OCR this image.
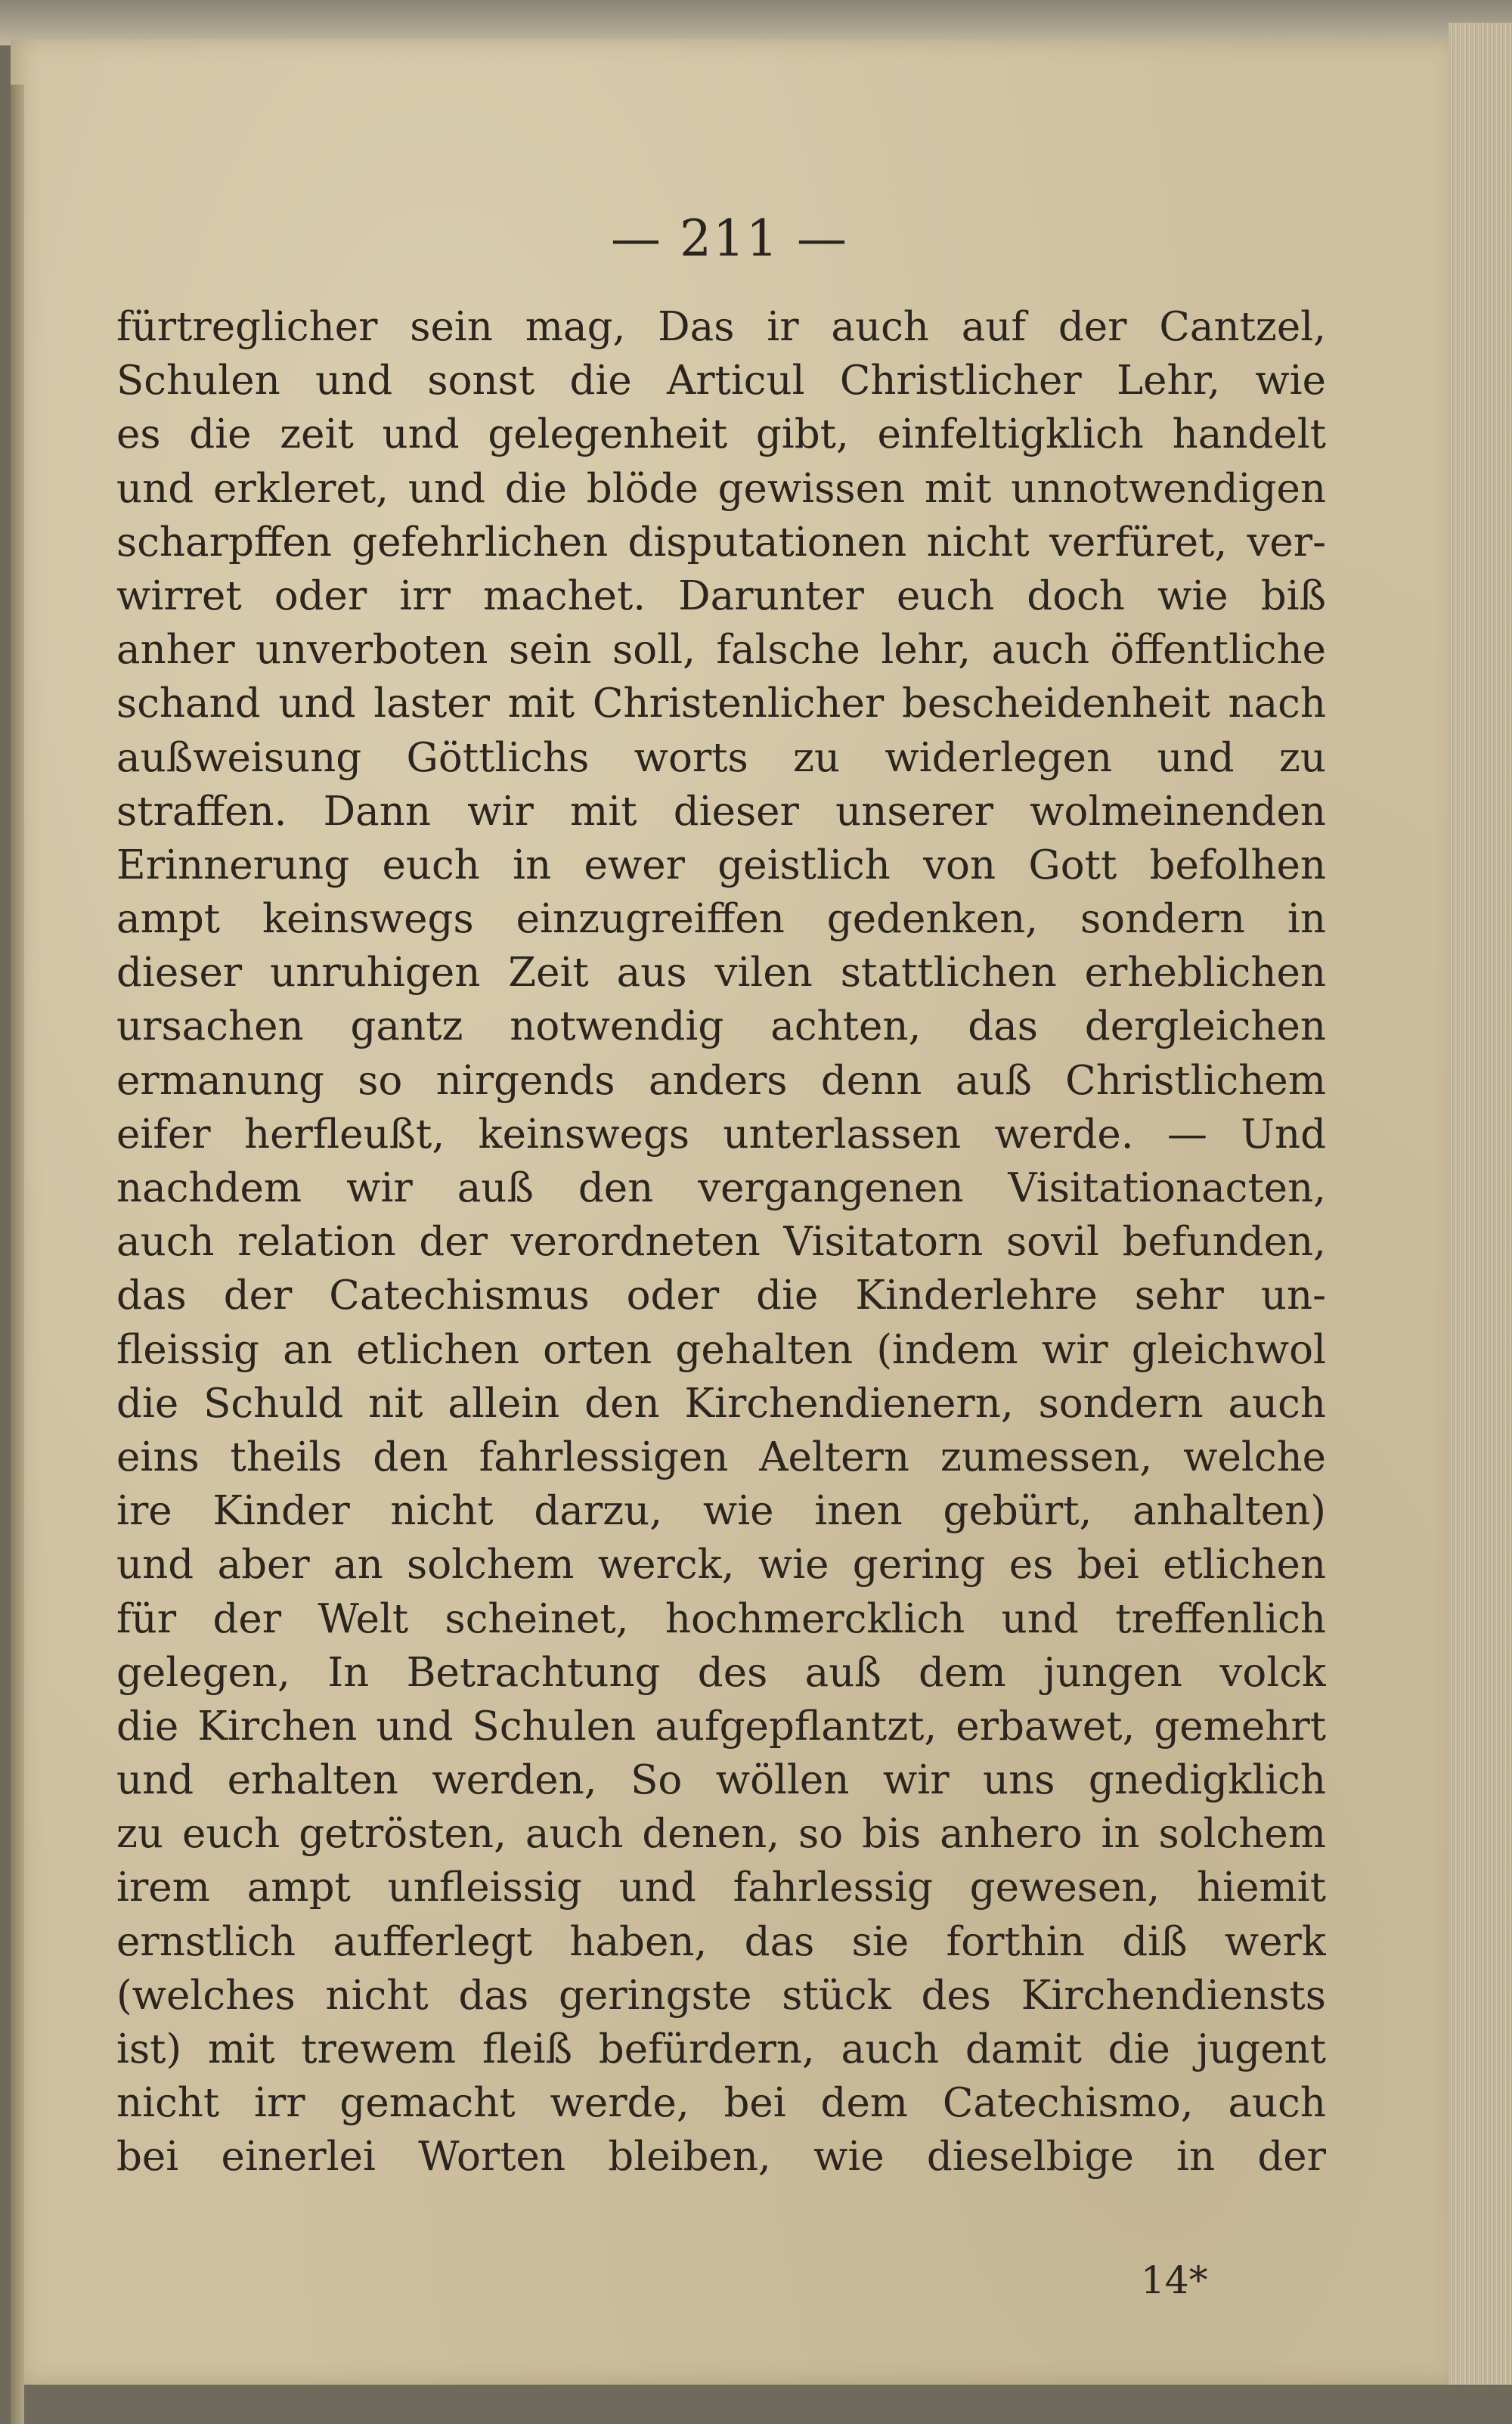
— 211 —
fürtreglicher sein mag, Das ir auch auf der Cantzel,
Schulen und sonst die Articul Christlicher Lehr, wie
es die zeit und gelegenheit gibt, einfeltigklich handelt
und erkleret, und die blöde gewissen mit unnotwendigen
scharpffen gefehrlichen disputationen nicht verfüret, ver-
wirret oder irr machet. Darunter euch doch wie biß
anher unverboten sein soll, falsche lehr, auch öffentliche
schand und laster mit Christenlicher bescheidenheit nach
außweisung Göttlichs worts zu widerlegen und zu
straffen. Dann wir mit dieser unserer wolmeinenden
Erinnerung euch in ewer geistlich von Gott befolhen
ampt keinswegs einzugreiffen gedenken, sondern in
dieser unruhigen Zeit aus vilen stattlichen erheblichen
ursachen gantz notwendig achten, das dergleichen
ermanung so nirgends anders denn auß Christlichem
eifer herfleußt, keinswegs unterlassen werde. — Und
nachdem wir auß den vergangenen Visitationacten,
auch relation der verordneten Visitatorn sovil befunden,
das der Catechismus oder die Kinderlehre sehr un-
fleissig an etlichen orten gehalten (indem wir gleichwol
die Schuld nit allein den Kirchendienern, sondern auch
eins theils den fahrlessigen Aeltern zumessen, welche
ire Kinder nicht darzu, wie inen gebürt, anhalten)
und aber an solchem werck, wie gering es bei etlichen
für der Welt scheinet, hochmercklich und treffenlich
gelegen, In Betrachtung des auß dem jungen volck
die Kirchen und Schulen aufgepflantzt, erbawet, gemehrt
und erhalten werden, So wöllen wir uns gnedigklich
zu euch getrösten, auch denen, so bis anhero in solchem
irem ampt unfleissig und fahrlessig gewesen, hiemit
ernstlich aufferlegt haben, das sie forthin diß werk
(welches nicht das geringste stück des Kirchendiensts
ist) mit trewem fleiß befürdern, auch damit die jugent
nicht irr gemacht werde, bei dem Catechismo, auch
bei einerlei Worten bleiben, wie dieselbige in der
14*
